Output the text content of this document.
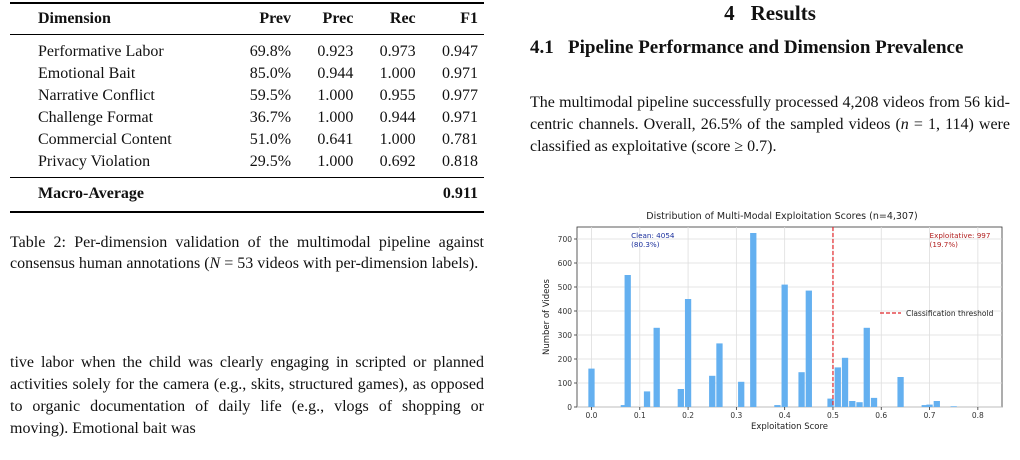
Dimension	Prev	Prec	Rec	F1
Performative Labor	69.8%	0.923	0.973	0.947
Emotional Bait	85.0%	0.944	1.000	0.971
Narrative Conflict	59.5%	1.000	0.955	0.977
Challenge Format	36.7%	1.000	0.944	0.971
Commercial Content	51.0%	0.641	1.000	0.781
Privacy Violation	29.5%	1.000	0.692	0.818
Macro-Average				0.911
Table 2: Per-dimension validation of the multimodal pipeline against consensus human annotations (N = 53 videos with per-dimension labels).
tive labor when the child was clearly engaging in scripted or planned activities solely for the camera (e.g., skits, structured games), as opposed to organic documentation of daily life (e.g., vlogs of shopping or moving). Emotional bait was
4 Results
4.1 Pipeline Performance and Dimension Prevalence
The multimodal pipeline successfully processed 4,208 videos from 56 kid-centric channels. Overall, 26.5% of the sampled videos (n = 1, 114) were classified as exploitative (score ≥ 0.7).
Distribution of Multi-Modal Exploitation Scores (n=4,307)
0
100
200
300
400
500
600
700
0.0	0.1	0.2	0.3	0.4	0.5	0.6	0.7	0.8
Classification threshold
Clean: 4054
(80.3%)
Exploitative: 997
(19.7%)
Exploitation Score
Number of Videos
